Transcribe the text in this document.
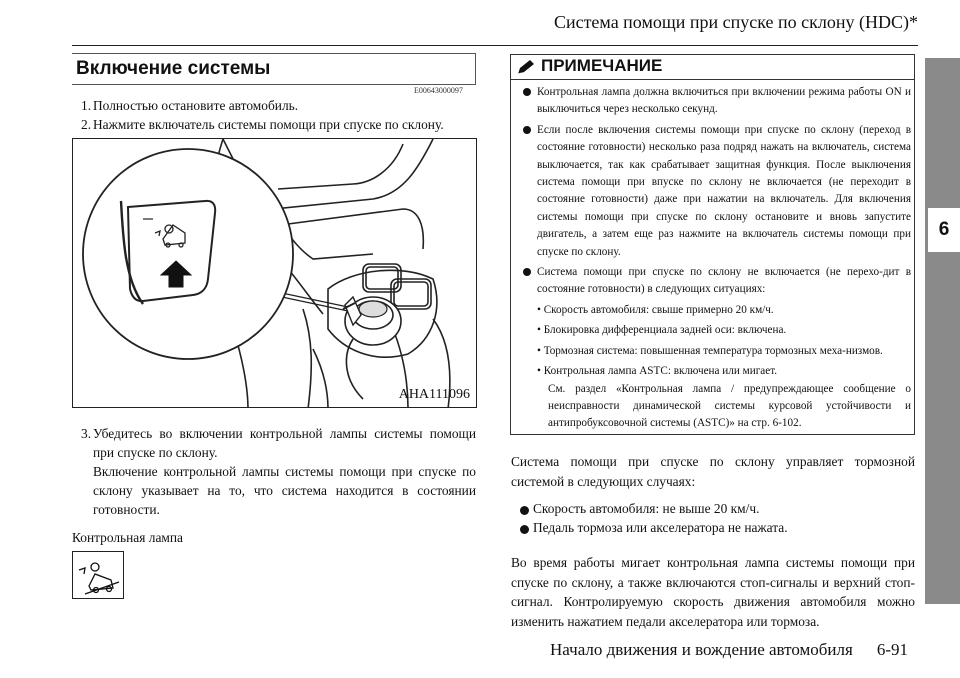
Система помощи при спуске по склону (HDC)*
6
Включение системы
E00643000097
1. Полностью остановите автомобиль.
2. Нажмите включатель системы помощи при спуске по склону.
AHA111096
3. Убедитесь во включении контрольной лампы системы помощи при спуске по склону.
Включение контрольной лампы системы помощи при спуске по склону указывает на то, что система находится в состоянии готовности.
Контрольная лампа
ПРИМЕЧАНИЕ
Контрольная лампа должна включиться при включении режима работы ON и выключиться через несколько секунд.
Если после включения системы помощи при спуске по склону (переход в состояние готовности) несколько раза подряд нажать на включатель, система выключается, так как срабатывает защитная функция. После выключения система помощи при впуске по склону не включается (не переходит в состояние готовности) даже при нажатии на включатель. Для включения системы помощи при спуске по склону остановите и вновь запустите двигатель, а затем еще раз нажмите на включатель системы помощи при спуске по склону.
Система помощи при спуске по склону не включается (не перехо-дит в состояние готовности) в следующих ситуациях:
• Скорость автомобиля: свыше примерно 20 км/ч.
• Блокировка дифференциала задней оси: включена.
• Тормозная система: повышенная температура тормозных меха-низмов.
• Контрольная лампа ASTC: включена или мигает.
См. раздел «Контрольная лампа / предупреждающее сообщение о неисправности динамической системы курсовой устойчивости и антипробуксовочной системы (ASTC)» на стр. 6-102.
Система помощи при спуске по склону управляет тормозной системой в следующих случаях:
Скорость автомобиля: не выше 20 км/ч.
Педаль тормоза или акселератора не нажата.
Во время работы мигает контрольная лампа системы помощи при спуске по склону, а также включаются стоп-сигналы и верхний стоп-сигнал. Контролируемую скорость движения автомобиля можно изменить нажатием педали акселератора или тормоза.
Начало движения и вождение автомобиля 6-91
